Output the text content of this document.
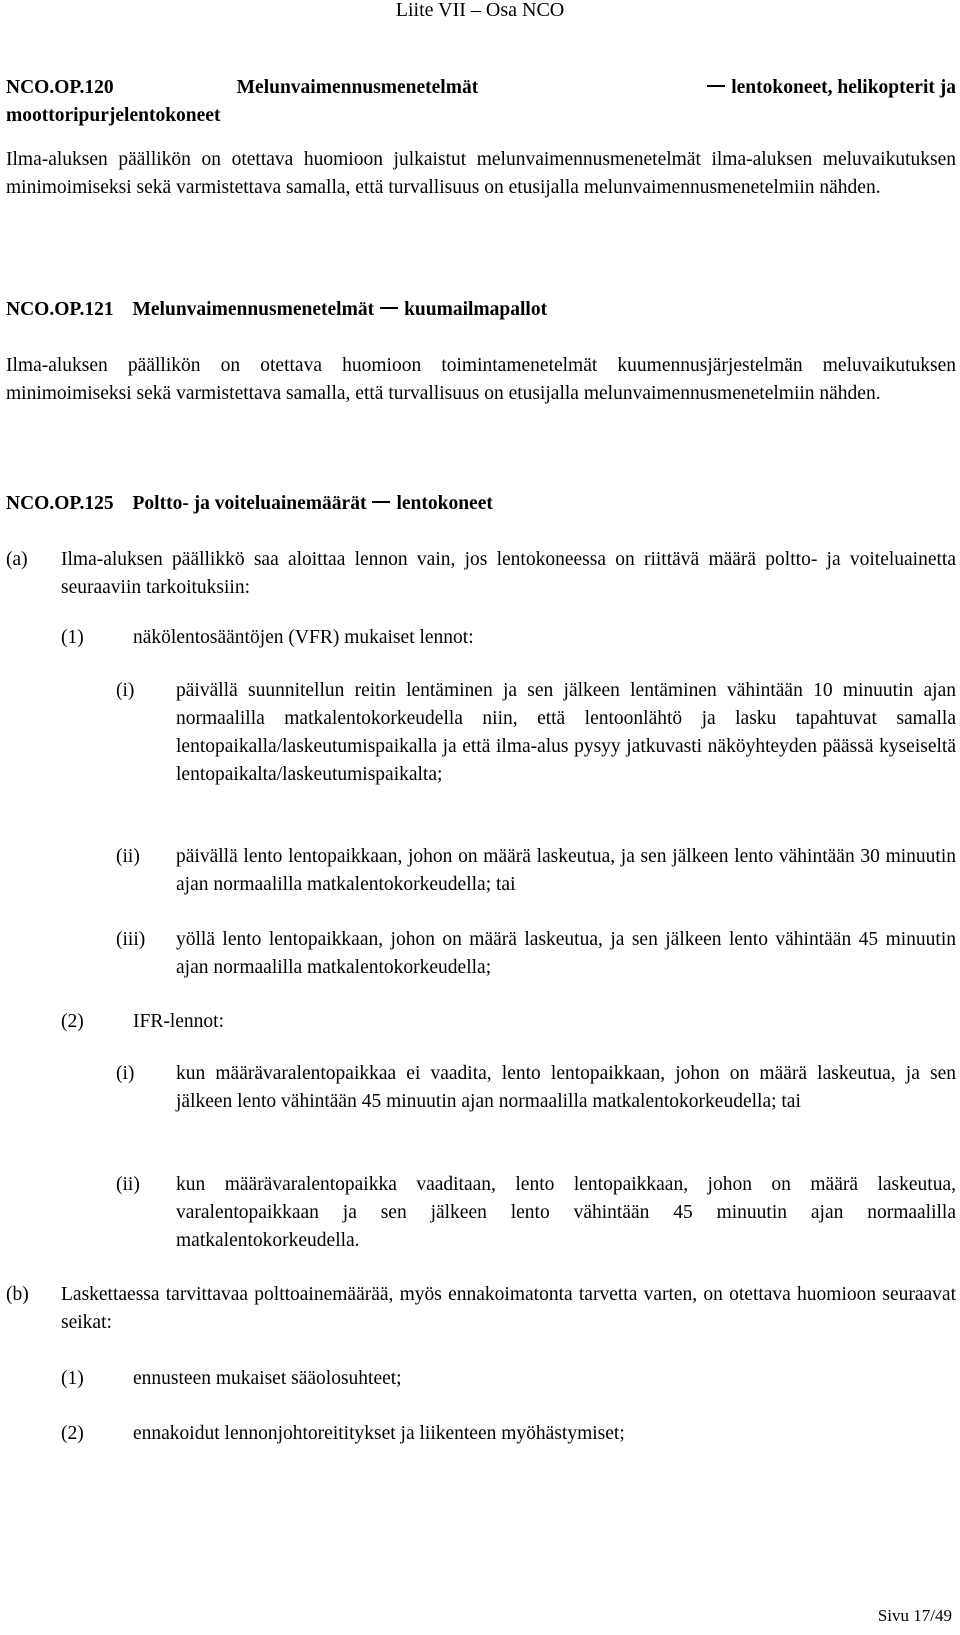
Liite VII – Osa NCO
NCO.OP.120	Melunvaimennusmenetelmät	lentokoneet, helikopterit ja
moottoripurjelentokoneet
Ilma-aluksen päällikön on otettava huomioon julkaistut melunvaimennusmenetelmät ilma-aluksen meluvaikutuksen minimoimiseksi sekä varmistettava samalla, että turvallisuus on etusijalla melunvaimennusmenetelmiin nähden.
NCO.OP.121 Melunvaimennusmenetelmät kuumailmapallot
Ilma-aluksen päällikön on otettava huomioon toimintamenetelmät kuumennusjärjestelmän meluvaikutuksen minimoimiseksi sekä varmistettava samalla, että turvallisuus on etusijalla melunvaimennusmenetelmiin nähden.
NCO.OP.125 Poltto- ja voiteluainemäärät lentokoneet
(a)	Ilma-aluksen päällikkö saa aloittaa lennon vain, jos lentokoneessa on riittävä määrä poltto- ja voiteluainetta seuraaviin tarkoituksiin:
(1)	näkölentosääntöjen (VFR) mukaiset lennot:
(i)	päivällä suunnitellun reitin lentäminen ja sen jälkeen lentäminen vähintään 10 minuutin ajan normaalilla matkalentokorkeudella niin, että lentoonlähtö ja lasku tapahtuvat samalla lentopaikalla/laskeutumispaikalla ja että ilma-alus pysyy jatkuvasti näköyhteyden päässä kyseiseltä lentopaikalta/laskeutumispaikalta;
(ii)	päivällä lento lentopaikkaan, johon on määrä laskeutua, ja sen jälkeen lento vähintään 30 minuutin ajan normaalilla matkalentokorkeudella; tai
(iii)	yöllä lento lentopaikkaan, johon on määrä laskeutua, ja sen jälkeen lento vähintään 45 minuutin ajan normaalilla matkalentokorkeudella;
(2)	IFR-lennot:
(i)	kun määrävaralentopaikkaa ei vaadita, lento lentopaikkaan, johon on määrä laskeutua, ja sen jälkeen lento vähintään 45 minuutin ajan normaalilla matkalentokorkeudella; tai
(ii)	kun määrävaralentopaikka vaaditaan, lento lentopaikkaan, johon on määrä laskeutua, varalentopaikkaan ja sen jälkeen lento vähintään 45 minuutin ajan normaalilla matkalentokorkeudella.
(b)	Laskettaessa tarvittavaa polttoainemäärää, myös ennakoimatonta tarvetta varten, on otettava huomioon seuraavat seikat:
(1)	ennusteen mukaiset sääolosuhteet;
(2)	ennakoidut lennonjohtoreititykset ja liikenteen myöhästymiset;
Sivu 17/49
